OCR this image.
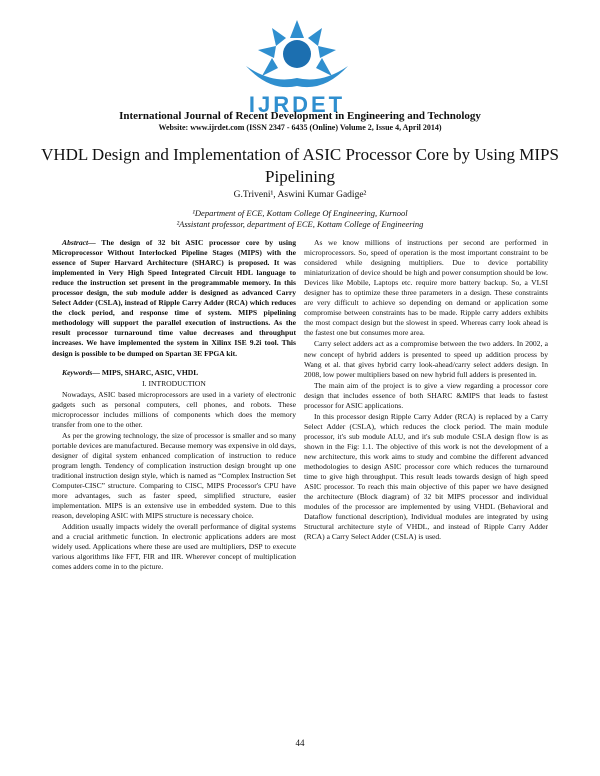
IJRDET
International Journal of Recent Development in Engineering and Technology
Website: www.ijrdet.com (ISSN 2347 - 6435 (Online) Volume 2, Issue 4, April 2014)
VHDL Design and Implementation of ASIC Processor Core by Using MIPS Pipelining
G.Triveni¹, Aswini Kumar Gadige²
¹Department of ECE, Kottam College Of Engineering, Kurnool
²Assistant professor, department of ECE, Kottam College of Engineering

Abstract— The design of 32 bit ASIC processor core by using Microprocessor Without Interlocked Pipeline Stages (MIPS) with the essence of Super Harvard Architecture (SHARC) is proposed. It was implemented in Very High Speed Integrated Circuit HDL language to reduce the instruction set present in the programmable memory. In this processor design, the sub module adder is designed as advanced Carry Select Adder (CSLA), instead of Ripple Carry Adder (RCA) which reduces the clock period, and response time of system. MIPS pipelining methodology will support the parallel execution of instructions. As the result processor turnaround time value decreases and throughput increases. We have implemented the system in Xilinx ISE 9.2i tool. This design is possible to be dumped on Spartan 3E FPGA kit.

Keywords— MIPS, SHARC, ASIC, VHDL

I. INTRODUCTION

Nowadays, ASIC based microprocessors are used in a variety of electronic gadgets such as personal computers, cell phones, and robots. These microprocessor includes millions of components which does the memory transfer from one to the other.

As per the growing technology, the size of processor is smaller and so many portable devices are manufactured. Because memory was expensive in old days, designer of digital system enhanced complication of instruction to reduce program length. Tendency of complication instruction design brought up one traditional instruction design style, which is named as “Complex Instruction Set Computer-CISC” structure. Comparing to CISC, MIPS Processor's CPU have more advantages, such as faster speed, simplified structure, easier implementation. MIPS is an extensive use in embedded system. Due to this reason, developing ASIC with MIPS structure is necessary choice.

Addition usually impacts widely the overall performance of digital systems and a crucial arithmetic function. In electronic applications adders are most widely used. Applications where these are used are multipliers, DSP to execute various algorithms like FFT, FIR and IIR. Wherever concept of multiplication comes adders come in to the picture.

As we know millions of instructions per second are performed in microprocessors. So, speed of operation is the most important constraint to be considered while designing multipliers. Due to device portability miniaturization of device should be high and power consumption should be low. Devices like Mobile, Laptops etc. require more battery backup. So, a VLSI designer has to optimize these three parameters in a design. These constraints are very difficult to achieve so depending on demand or application some compromise between constraints has to be made. Ripple carry adders exhibits the most compact design but the slowest in speed. Whereas carry look ahead is the fastest one but consumes more area.

Carry select adders act as a compromise between the two adders. In 2002, a new concept of hybrid adders is presented to speed up addition process by Wang et al. that gives hybrid carry look-ahead/carry select adders design. In 2008, low power multipliers based on new hybrid full adders is presented in.

The main aim of the project is to give a view regarding a processor core design that includes essence of both SHARC &MIPS that leads to fastest processor for ASIC applications.

In this processor design Ripple Carry Adder (RCA) is replaced by a Carry Select Adder (CSLA), which reduces the clock period. The main module processor, it's sub module ALU, and it's sub module CSLA design flow is as shown in the Fig: 1.1. The objective of this work is not the development of a new architecture, this work aims to study and combine the different advanced methodologies to design ASIC processor core which reduces the turnaround time to give high throughput. This result leads towards design of high speed ASIC processor. To reach this main objective of this paper we have designed the architecture (Block diagram) of 32 bit MIPS processor and individual modules of the processor are implemented by using VHDL (Behavioral and Dataflow functional description), Individual modules are integrated by using Structural architecture style of VHDL, and instead of Ripple Carry Adder (RCA) a Carry Select Adder (CSLA) is used.

44
